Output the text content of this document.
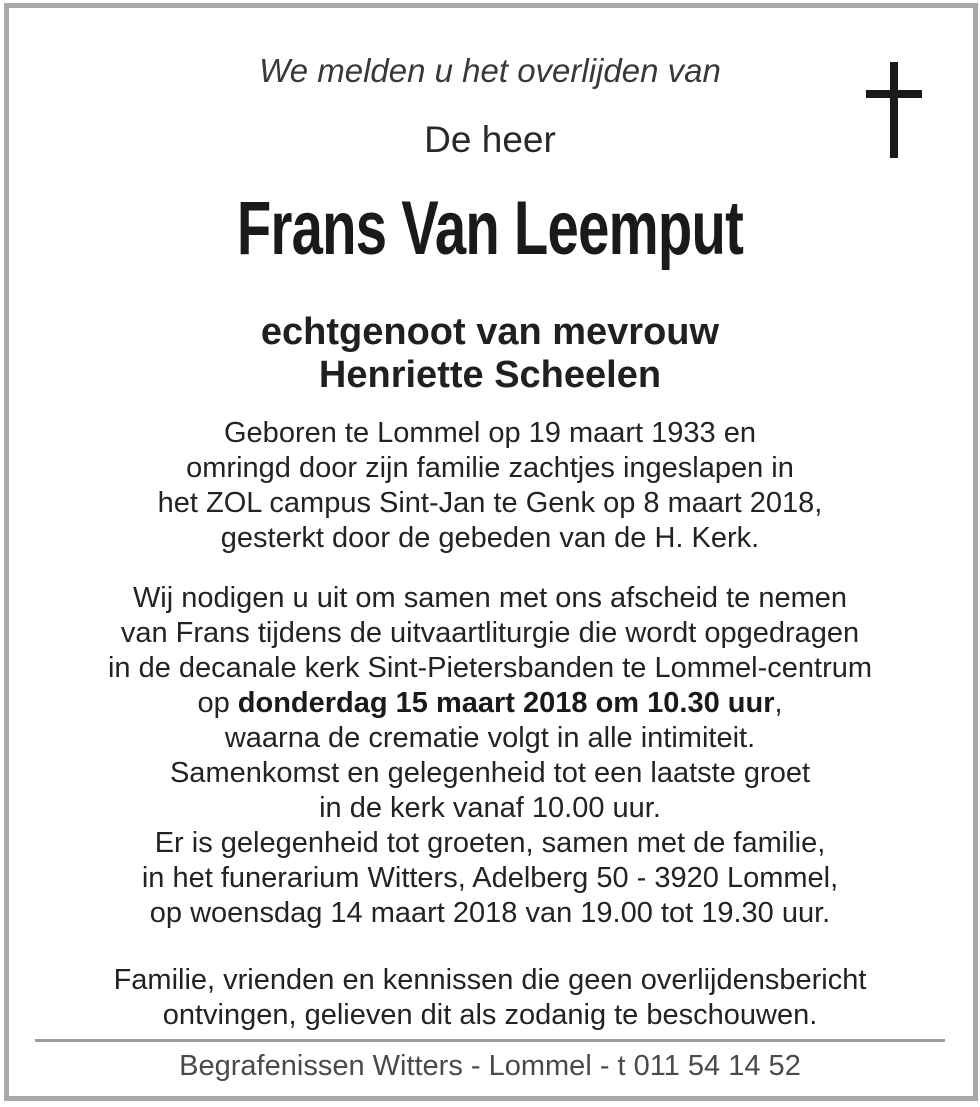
We melden u het overlijden van
De heer
Frans Van Leemput
echtgenoot van mevrouw
Henriette Scheelen
Geboren te Lommel op 19 maart 1933 en
omringd door zijn familie zachtjes ingeslapen in
het ZOL campus Sint-Jan te Genk op 8 maart 2018,
gesterkt door de gebeden van de H. Kerk.
Wij nodigen u uit om samen met ons afscheid te nemen
van Frans tijdens de uitvaartliturgie die wordt opgedragen
in de decanale kerk Sint-Pietersbanden te Lommel-centrum
op donderdag 15 maart 2018 om 10.30 uur,
waarna de crematie volgt in alle intimiteit.
Samenkomst en gelegenheid tot een laatste groet
in de kerk vanaf 10.00 uur.
Er is gelegenheid tot groeten, samen met de familie,
in het funerarium Witters, Adelberg 50 - 3920 Lommel,
op woensdag 14 maart 2018 van 19.00 tot 19.30 uur.
Familie, vrienden en kennissen die geen overlijdensbericht
ontvingen, gelieven dit als zodanig te beschouwen.
Begrafenissen Witters - Lommel - t 011 54 14 52
